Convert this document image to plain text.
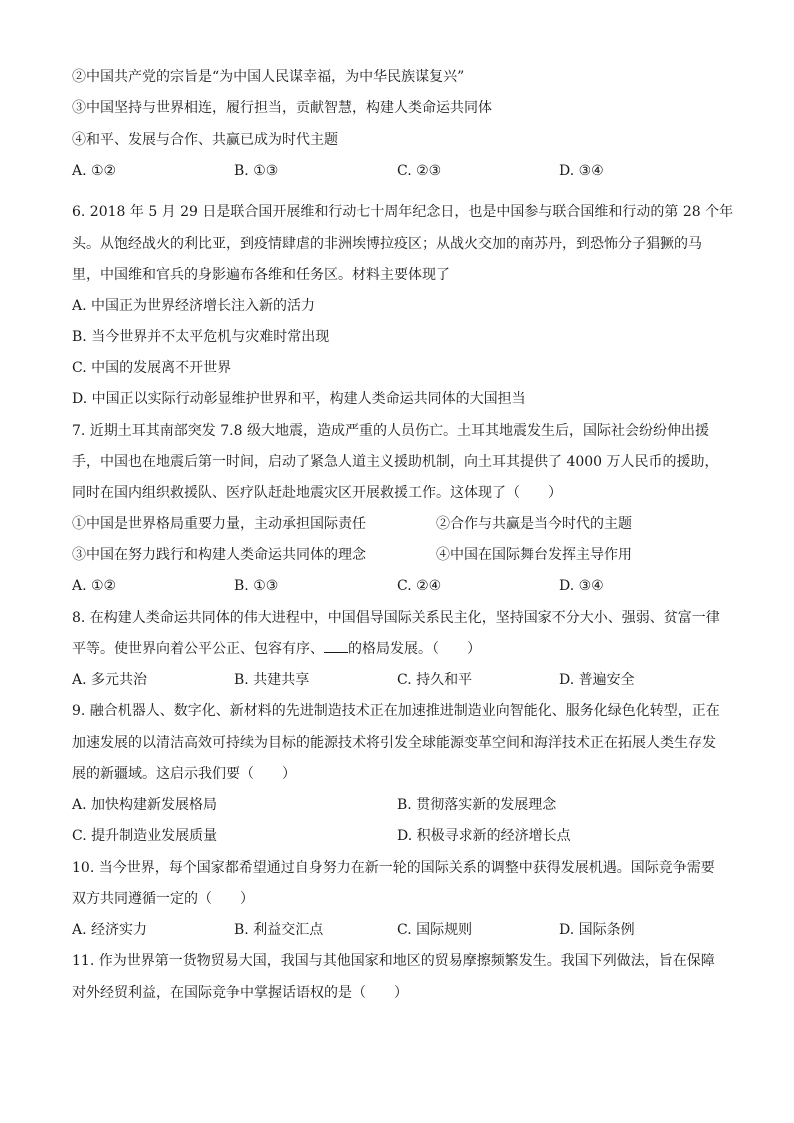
②中国共产党的宗旨是“为中国人民谋幸福，为中华民族谋复兴”
③中国坚持与世界相连，履行担当，贡献智慧，构建人类命运共同体
④和平、发展与合作、共赢已成为时代主题
A. ①②	B. ①③	C. ②③	D. ③④
6. 2018 年 5 月 29 日是联合国开展维和行动七十周年纪念日，也是中国参与联合国维和行动的第 28 个年
头。从饱经战火的利比亚，到疫情肆虐的非洲埃博拉疫区；从战火交加的南苏丹，到恐怖分子猖獗的马
里，中国维和官兵的身影遍布各维和任务区。材料主要体现了
A. 中国正为世界经济增长注入新的活力
B. 当今世界并不太平危机与灾难时常出现
C. 中国的发展离不开世界
D. 中国正以实际行动彰显维护世界和平，构建人类命运共同体的大国担当
7. 近期土耳其南部突发 7.8 级大地震，造成严重的人员伤亡。土耳其地震发生后，国际社会纷纷伸出援
手，中国也在地震后第一时间，启动了紧急人道主义援助机制，向土耳其提供了 4000 万人民币的援助，
同时在国内组织救援队、医疗队赶赴地震灾区开展救援工作。这体现了（　　）
①中国是世界格局重要力量，主动承担国际责任	②合作与共赢是当今时代的主题
③中国在努力践行和构建人类命运共同体的理念	④中国在国际舞台发挥主导作用
A. ①②	B. ①③	C. ②④	D. ③④
8. 在构建人类命运共同体的伟大进程中，中国倡导国际关系民主化，坚持国家不分大小、强弱、贫富一律
平等。使世界向着公平公正、包容有序、 的格局发展。（　　）
A. 多元共治	B. 共建共享	C. 持久和平	D. 普遍安全
9. 融合机器人、数字化、新材料的先进制造技术正在加速推进制造业向智能化、服务化绿色化转型，正在
加速发展的以清洁高效可持续为目标的能源技术将引发全球能源变革空间和海洋技术正在拓展人类生存发
展的新疆域。这启示我们要（　　）
A. 加快构建新发展格局	B. 贯彻落实新的发展理念
C. 提升制造业发展质量	D. 积极寻求新的经济增长点
10. 当今世界，每个国家都希望通过自身努力在新一轮的国际关系的调整中获得发展机遇。国际竞争需要
双方共同遵循一定的（　　）
A. 经济实力	B. 利益交汇点	C. 国际规则	D. 国际条例
11. 作为世界第一货物贸易大国，我国与其他国家和地区的贸易摩擦频繁发生。我国下列做法，旨在保障
对外经贸利益，在国际竞争中掌握话语权的是（　　）
